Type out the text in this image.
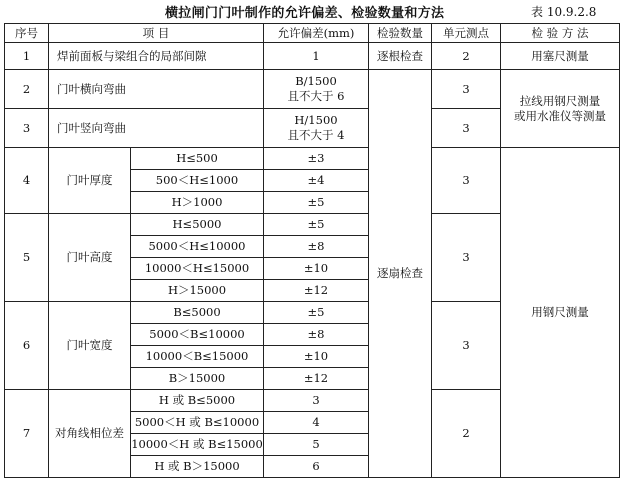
横拉闸门门叶制作的允许偏差、检验数量和方法	表 10.9.2.8
序号	项 目		允许偏差(mm)	检验数量	单元测点	检 验 方 法
1	焊前面板与梁组合的局部间隙		1	逐根检查	2	用塞尺测量
2	门叶横向弯曲		B/1500
且不大于 6	逐扇检查	3	拉线用钢尺测量
或用水准仪等测量

3	门叶竖向弯曲		H/1500
且不大于 4		3	
4	门叶厚度	H≤500	±3		3	用钢尺测量
		500＜H≤1000	±4			
		H＞1000	±5			
5	门叶高度	H≤5000	±5		3	
		5000＜H≤10000	±8			
		10000＜H≤15000	±10			
		H＞15000	±12			
6	门叶宽度	B≤5000	±5		3	
		5000＜B≤10000	±8			
		10000＜B≤15000	±10			
		B＞15000	±12			
7	对角线相位差	H 或 B≤5000	3		2	
		5000＜H 或 B≤10000	4			
		10000＜H 或 B≤15000	5			
		H 或 B＞15000	6			
